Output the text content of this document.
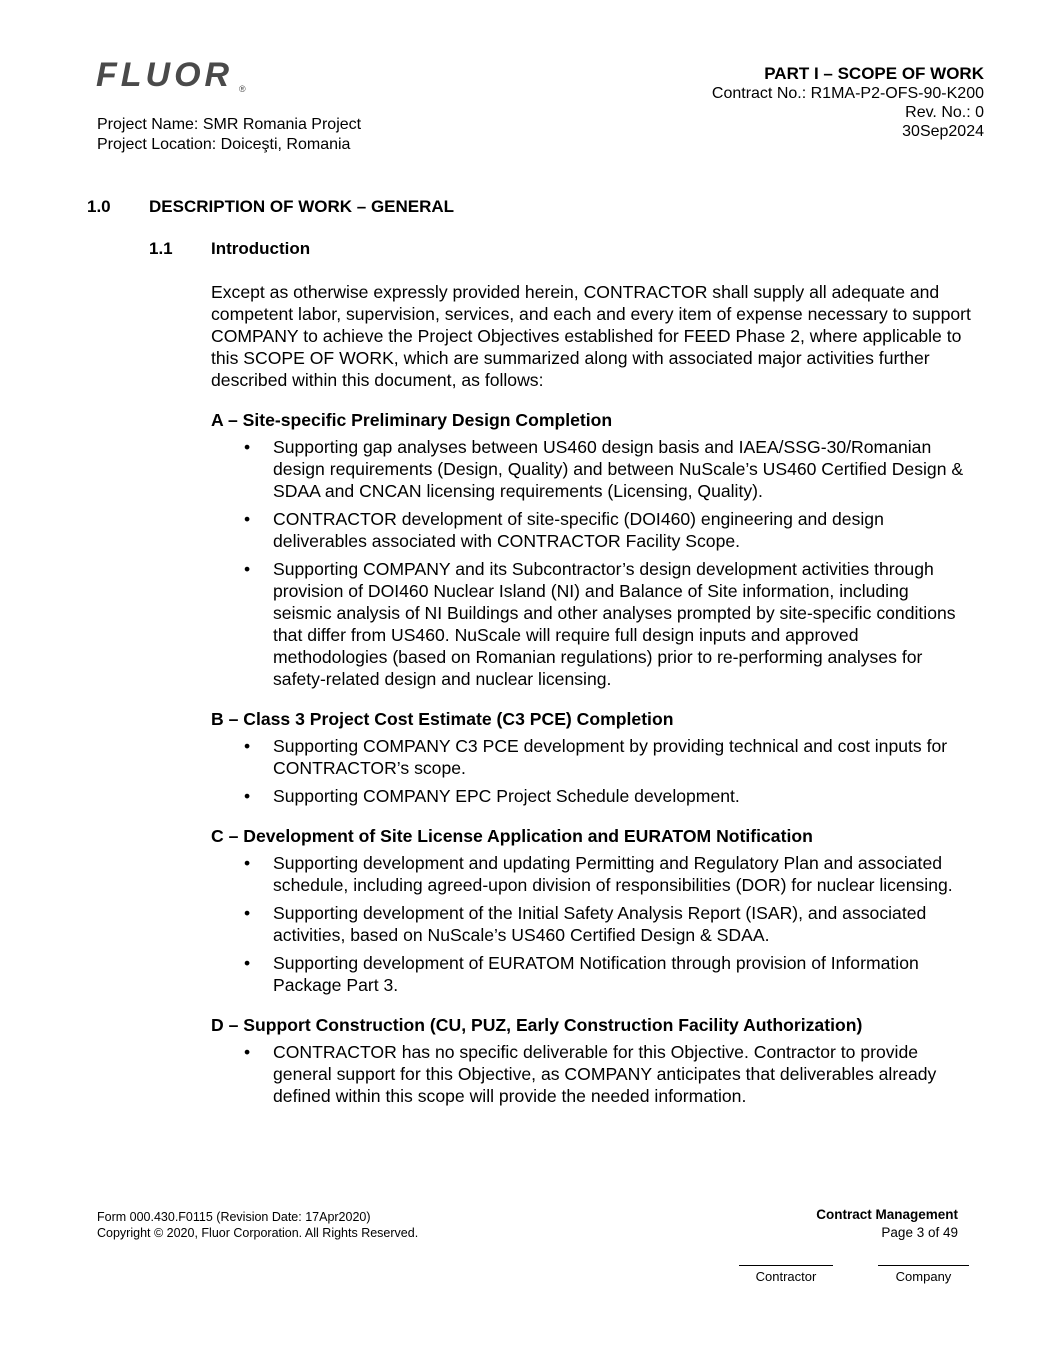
FLUOR ®
Project Name: SMR Romania Project
Project Location: Doiceşti, Romania
PART I – SCOPE OF WORK
Contract No.: R1MA-P2-OFS-90-K200
Rev. No.: 0
30Sep2024
1.0 DESCRIPTION OF WORK – GENERAL
1.1 Introduction

Except as otherwise expressly provided herein, CONTRACTOR shall supply all adequate and competent labor, supervision, services, and each and every item of expense necessary to support COMPANY to achieve the Project Objectives established for FEED Phase 2, where applicable to this SCOPE OF WORK, which are summarized along with associated major activities further described within this document, as follows:

A – Site-specific Preliminary Design Completion
• Supporting gap analyses between US460 design basis and IAEA/SSG-30/Romanian design requirements (Design, Quality) and between NuScale’s US460 Certified Design & SDAA and CNCAN licensing requirements (Licensing, Quality).
• CONTRACTOR development of site-specific (DOI460) engineering and design deliverables associated with CONTRACTOR Facility Scope.
• Supporting COMPANY and its Subcontractor’s design development activities through provision of DOI460 Nuclear Island (NI) and Balance of Site information, including seismic analysis of NI Buildings and other analyses prompted by site-specific conditions that differ from US460. NuScale will require full design inputs and approved methodologies (based on Romanian regulations) prior to re-performing analyses for safety-related design and nuclear licensing.
B – Class 3 Project Cost Estimate (C3 PCE) Completion
• Supporting COMPANY C3 PCE development by providing technical and cost inputs for CONTRACTOR’s scope.
• Supporting COMPANY EPC Project Schedule development.
C – Development of Site License Application and EURATOM Notification
• Supporting development and updating Permitting and Regulatory Plan and associated schedule, including agreed-upon division of responsibilities (DOR) for nuclear licensing.
• Supporting development of the Initial Safety Analysis Report (ISAR), and associated activities, based on NuScale’s US460 Certified Design & SDAA.
• Supporting development of EURATOM Notification through provision of Information Package Part 3.
D – Support Construction (CU, PUZ, Early Construction Facility Authorization)
• CONTRACTOR has no specific deliverable for this Objective. Contractor to provide general support for this Objective, as COMPANY anticipates that deliverables already defined within this scope will provide the needed information.
Form 000.430.F0115 (Revision Date: 17Apr2020)
Copyright © 2020, Fluor Corporation. All Rights Reserved.
Contract Management
Page 3 of 49
Contractor	Company
